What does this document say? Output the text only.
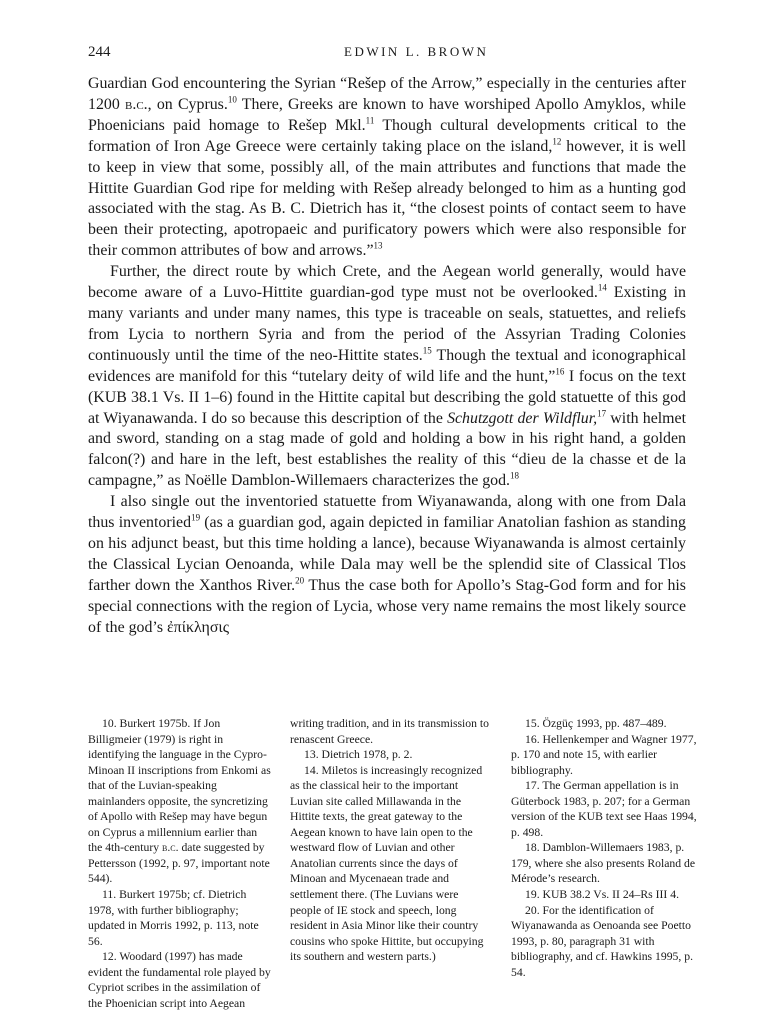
244	EDWIN L. BROWN

Guardian God encountering the Syrian “Rešep of the Arrow,” especially in the centuries after 1200 b.c., on Cyprus.$^{10}$ There, Greeks are known to have worshiped Apollo Amyklos, while Phoenicians paid homage to Rešep Mkl.$^{11}$ Though cultural developments critical to the formation of Iron Age Greece were certainly taking place on the island,$^{12}$ however, it is well to keep in view that some, possibly all, of the main attributes and functions that made the Hittite Guardian God ripe for melding with Rešep already belonged to him as a hunting god associated with the stag. As B. C. Dietrich has it, “the closest points of contact seem to have been their protecting, apotropaeic and purificatory powers which were also responsible for their common attributes of bow and arrows.”$^{13}$

Further, the direct route by which Crete, and the Aegean world generally, would have become aware of a Luvo-Hittite guardian-god type must not be overlooked.$^{14}$ Existing in many variants and under many names, this type is traceable on seals, statuettes, and reliefs from Lycia to northern Syria and from the period of the Assyrian Trading Colonies continuously until the time of the neo-Hittite states.$^{15}$ Though the textual and iconographical evidences are manifold for this “tutelary deity of wild life and the hunt,”$^{16}$ I focus on the text (KUB 38.1 Vs. II 1–6) found in the Hittite capital but describing the gold statuette of this god at Wiyanawanda. I do so because this description of the Schutzgott der Wildflur,$^{17}$ with helmet and sword, standing on a stag made of gold and holding a bow in his right hand, a golden falcon(?) and hare in the left, best establishes the reality of this “dieu de la chasse et de la campagne,” as Noëlle Damblon-Willemaers characterizes the god.$^{18}$

I also single out the inventoried statuette from Wiyanawanda, along with one from Dala thus inventoried$^{19}$ (as a guardian god, again depicted in familiar Anatolian fashion as standing on his adjunct beast, but this time holding a lance), because Wiyanawanda is almost certainly the Classical Lycian Oenoanda, while Dala may well be the splendid site of Classical Tlos farther down the Xanthos River.$^{20}$ Thus the case both for Apollo’s Stag-God form and for his special connections with the region of Lycia, whose very name remains the most likely source of the god’s ἐπίκλησις

10. Burkert 1975b. If Jon Billigmeier (1979) is right in identifying the language in the Cypro-Minoan II inscriptions from Enkomi as that of the Luvian-speaking mainlanders opposite, the syncretizing of Apollo with Rešep may have begun on Cyprus a millennium earlier than the 4th-century b.c. date suggested by Pettersson (1992, p. 97, important note 544).

11. Burkert 1975b; cf. Dietrich 1978, with further bibliography; updated in Morris 1992, p. 113, note 56.

12. Woodard (1997) has made evident the fundamental role played by Cypriot scribes in the assimilation of the Phoenician script into Aegean

writing tradition, and in its transmission to renascent Greece.

13. Dietrich 1978, p. 2.

14. Miletos is increasingly recognized as the classical heir to the important Luvian site called Millawanda in the Hittite texts, the great gateway to the Aegean known to have lain open to the westward flow of Luvian and other Anatolian currents since the days of Minoan and Mycenaean trade and settlement there. (The Luvians were people of IE stock and speech, long resident in Asia Minor like their country cousins who spoke Hittite, but occupying its southern and western parts.)

15. Özgüç 1993, pp. 487–489.

16. Hellenkemper and Wagner 1977, p. 170 and note 15, with earlier bibliography.

17. The German appellation is in Güterbock 1983, p. 207; for a German version of the KUB text see Haas 1994, p. 498.

18. Damblon-Willemaers 1983, p. 179, where she also presents Roland de Mérode’s research.

19. KUB 38.2 Vs. II 24–Rs III 4.

20. For the identification of Wiyanawanda as Oenoanda see Poetto 1993, p. 80, paragraph 31 with bibliography, and cf. Hawkins 1995, p. 54.
